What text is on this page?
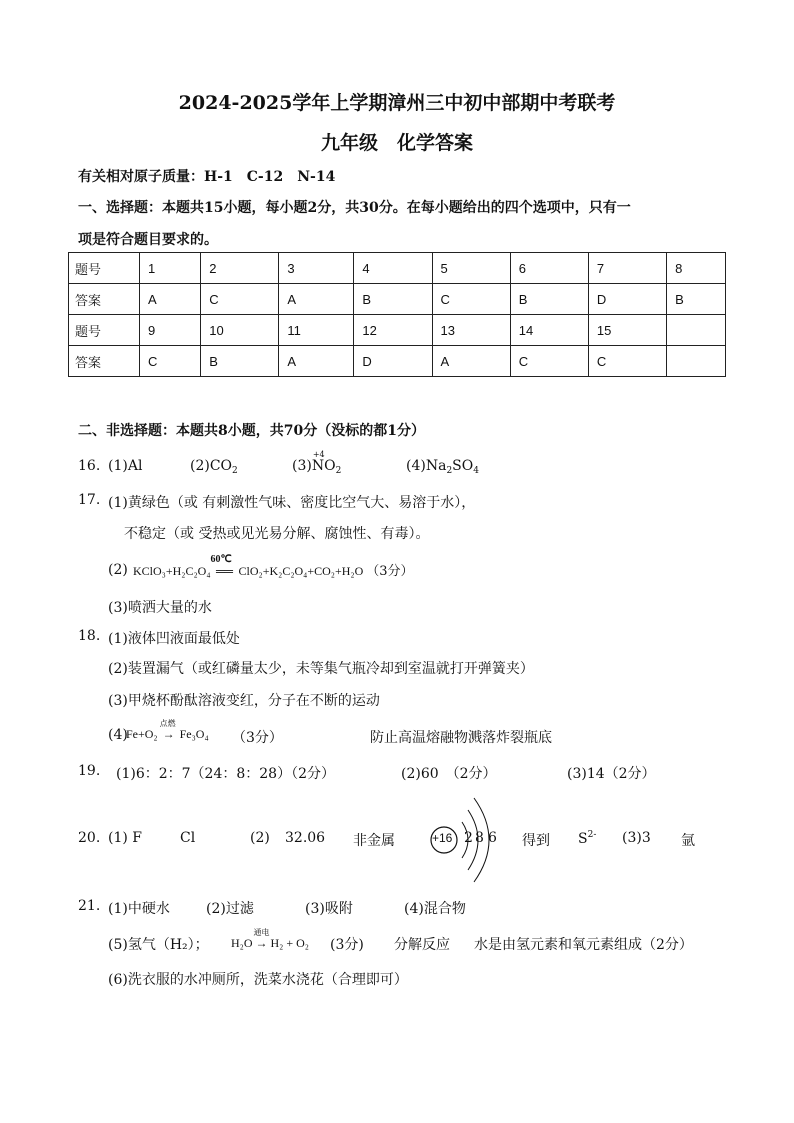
2024-2025学年上学期漳州三中初中部期中考联考
九年级　化学答案
有关相对原子质量：H-1　C-12　N-14
一、选择题：本题共15小题，每小题2分，共30分。在每小题给出的四个选项中，只有一
项是符合题目要求的。
题号	1	2	3	4	5	6	7	8
答案	A	C	A	B	C	B	D	B
题号	9	10	11	12	13	14	15	
答案	C	B	A	D	A	C	C	
二、非选择题：本题共8小题，共70分（没标的都1分）
16. (1)Al	$(2)CO_2$	(3)
+4
$NO_2$	$(4)Na_2SO_4$
17. (1)黄绿色（或 有刺激性气味、密度比空气大、易溶于水），
不稳定（或 受热或见光易分解、腐蚀性、有毒）。
(2) KClO₃+H₂C₂O₄
60℃
══ ClO₂+K₂C₂O₄+CO₂+H₂O （3分）
(3)喷洒大量的水
18. (1)液体凹液面最低处
(2)装置漏气（或红磷量太少，未等集气瓶冷却到室温就打开弹簧夹）
(3)甲烧杯酚酞溶液变红，分子在不断的运动
(4)
Fe+O₂
点燃
→ Fe₃O₄ （3分）	防止高温熔融物溅落炸裂瓶底
19. (1)6：2：7（24：8：28）（2分）	(2)60　（2分）	(3)14（2分）
20. (1) F	Cl	(2) 32.06 非金属	+16 2 8 6 得到 $S^{2-}$ (3)3 氩
21. (1)中硬水	(2)过滤	(3)吸附	(4)混合物
(5)氢气（H₂）； H₂O
通电
→ H₂ + O₂ (3分) 分解反应 水是由氢元素和氧元素组成（2分）
(6)洗衣服的水冲厕所，洗菜水浇花（合理即可）
